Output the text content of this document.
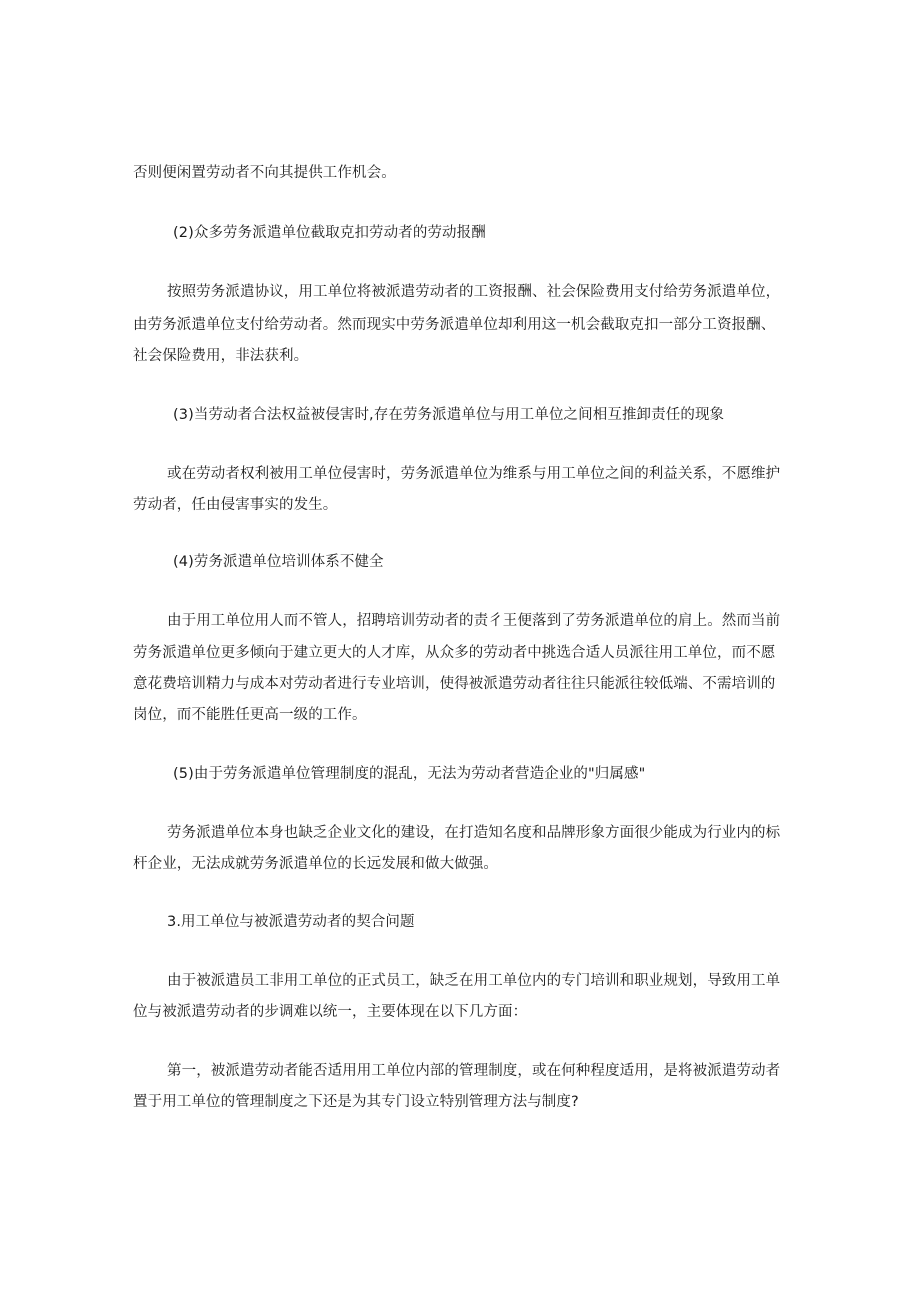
否则便闲置劳动者不向其提供工作机会。
(2)众多劳务派遣单位截取克扣劳动者的劳动报酬
按照劳务派遣协议，用工单位将被派遣劳动者的工资报酬、社会保险费用支付给劳务派遣单位，
由劳务派遣单位支付给劳动者。然而现实中劳务派遣单位却利用这一机会截取克扣一部分工资报酬、
社会保险费用，非法获利。
(3)当劳动者合法权益被侵害时,存在劳务派遣单位与用工单位之间相互推卸责任的现象
或在劳动者权利被用工单位侵害时，劳务派遣单位为维系与用工单位之间的利益关系，不愿维护
劳动者，任由侵害事实的发生。
(4)劳务派遣单位培训体系不健全
由于用工单位用人而不管人，招聘培训劳动者的责彳王便落到了劳务派遣单位的肩上。然而当前
劳务派遣单位更多倾向于建立更大的人才库，从众多的劳动者中挑选合适人员派往用工单位，而不愿
意花费培训精力与成本对劳动者进行专业培训，使得被派遣劳动者往往只能派往较低端、不需培训的
岗位，而不能胜任更高一级的工作。
(5)由于劳务派遣单位管理制度的混乱，无法为劳动者营造企业的"归属感"
劳务派遣单位本身也缺乏企业文化的建设，在打造知名度和品牌形象方面很少能成为行业内的标
杆企业，无法成就劳务派遣单位的长远发展和做大做强。
3.用工单位与被派遣劳动者的契合问题
由于被派遣员工非用工单位的正式员工，缺乏在用工单位内的专门培训和职业规划，导致用工单
位与被派遣劳动者的步调难以统一，主要体现在以下几方面：
第一，被派遣劳动者能否适用用工单位内部的管理制度，或在何种程度适用，是将被派遣劳动者
置于用工单位的管理制度之下还是为其专门设立特别管理方法与制度?
